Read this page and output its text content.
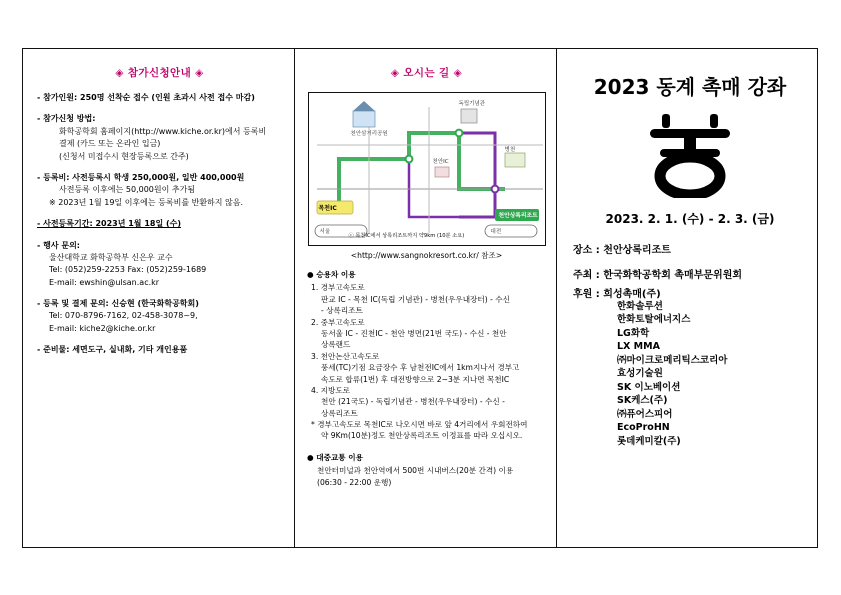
◈ 참가신청안내 ◈
- 참가인원: 250명 선착순 접수 (인원 초과시 사전 접수 마감)
- 참가신청 방법:
화학공학회 홈페이지(http://www.kiche.or.kr)에서 등록비
결제 (카드 또는 온라인 입금)
(신청서 미접수시 현장등록으로 간주)
- 등록비: 사전등록시 학생 250,000원, 일반 400,000원
사전등록 이후에는 50,000원이 추가됨
※ 2023년 1월 19일 이후에는 등록비를 반환하지 않음.
- 사전등록기간: 2023년 1월 18일 (수)
- 행사 문의:
울산대학교 화학공학부 신은우 교수
Tel: (052)259-2253 Fax: (052)259-1689
E-mail: ewshin@ulsan.ac.kr
- 등록 및 결제 문의: 신승현 (한국화학공학회)
Tel: 070-8796-7162, 02-458-3078~9,
E-mail: kiche2@kiche.or.kr
- 준비물: 세면도구, 실내화, 기타 개인용품
◈ 오시는 길 ◈
목천IC
천안상록리조트
천안삼거리공원
독립기념관
병천
천안IC
서울	대전
ⓒ 목천IC에서 상록리조트까지 약9km (10분 소요)
<http://www.sangnokresort.co.kr/ 참조>
● 승용차 이용
1. 경부고속도로
판교 IC - 목천 IC(독립 기념관) - 병천(우우내장터) - 수신
- 상록리조트
2. 중부고속도로
동서울 IC - 진천IC - 천안 병면(21번 국도) - 수신 - 천안
상록랜드
3. 천안논산고속도로
풍세(TC)기점 요금장수 후 남천전IC에서 1km지나서 경부고
속도로 합류(1번) 후 대전방향으로 2~3분 지나면 목천IC
4. 지방도로
천안 (21국도) - 독립기념관 - 병천(우우내장터) - 수신 -
상록리조트
* 경부고속도로 목천IC로 나오시면 바로 앞 4거리에서 우회전하여
약 9Km(10분)정도 천안상록리조트 이정표를 따라 오십시오.
● 대중교통 이용
천안터미널과 천안역에서 500번 시내버스(20분 간격) 이용
(06:30 - 22:00 운행)
2023 동계 촉매 강좌
2023. 2. 1. (수) - 2. 3. (금)
장소 : 천안상록리조트
주최 : 한국화학공학회 촉매부문위원회
후원 : 희성촉매(주)
한화솔루션
한화토탈에너지스
LG화학
LX MMA
㈜마이크로메리틱스코리아
효성기술원
SK 이노베이션
SK케스(주)
㈜퓨어스피어
EcoProHN
롯데케미칼(주)
